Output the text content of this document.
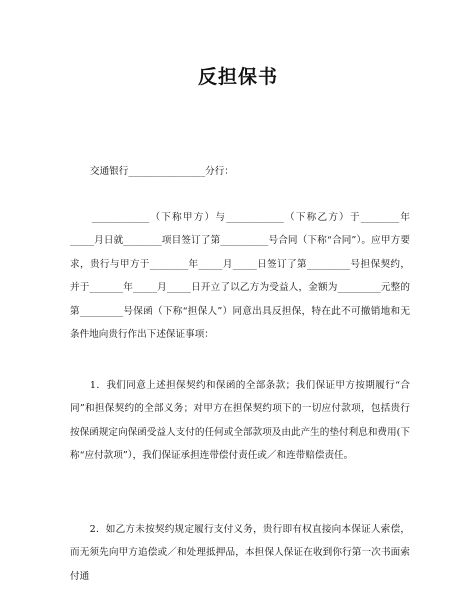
反担保书

交通银行________________分行：

　　____________（下称甲方）与____________（下称乙方）于________年_____月日就________项目签订了第__________号合同（下称“合同”）。应甲方要求，贵行与甲方于________年_____月_____日签订了第_________号担保契约，并于_______年_____月_____日开立了以乙方为受益人，金额为_________元整的第_________号保函（下称“担保人”）同意出具反担保，特在此不可撤销地和无条件地向贵行作出下述保证事项：

　　1．我们同意上述担保契约和保函的全部条款；我们保证甲方按期履行“合同”和担保契约的全部义务；对甲方在担保契约项下的一切应付款项，包括贵行按保函规定向保函受益人支付的任何或全部款项及由此产生的垫付利息和费用(下称“应付款项”），我们保证承担连带偿付责任或／和连带赔偿责任。

　　2．如乙方未按契约规定履行支付义务，贵行即有权直接向本保证人索偿，而无须先向甲方追偿或／和处理抵押品，本担保人保证在收到你行第一次书面索付通
